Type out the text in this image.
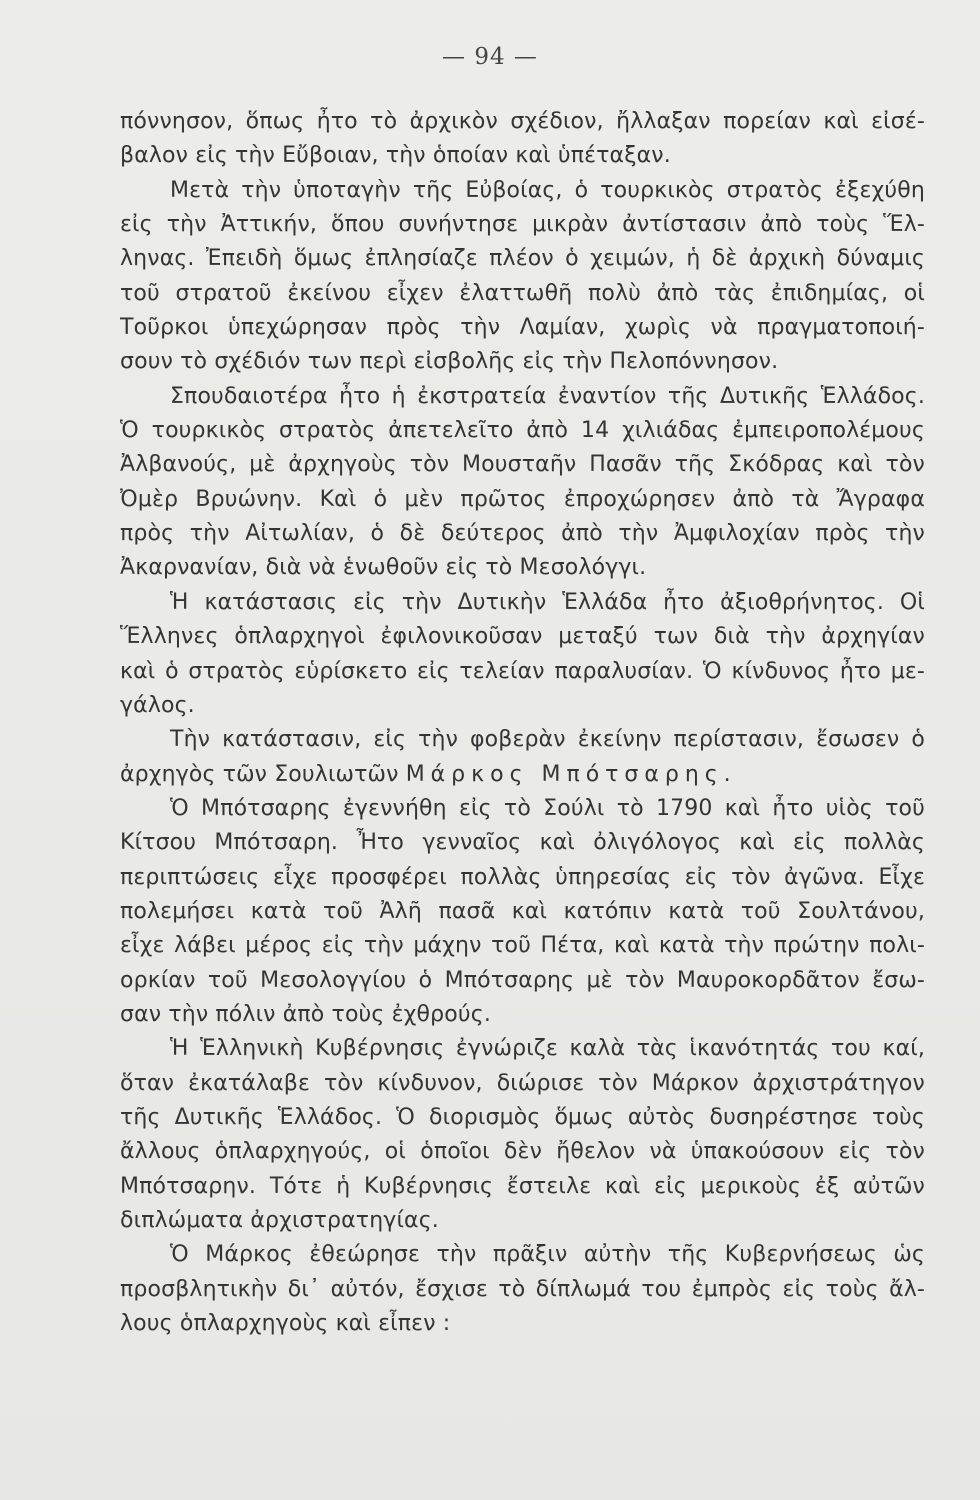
— 94 —
πόννησον, ὅπως ἦτο τὸ ἀρχικὸν σχέδιον, ἤλλαξαν πορείαν καὶ εἰσέ-
βαλον εἰς τὴν Εὔβοιαν, τὴν ὁποίαν καὶ ὑπέταξαν.
Μετὰ τὴν ὑποταγὴν τῆς Εὐβοίας, ὁ τουρκικὸς στρατὸς ἐξεχύθη
εἰς τὴν Ἀττικήν, ὅπου συνήντησε μικρὰν ἀντίστασιν ἀπὸ τοὺς Ἕλ-
ληνας. Ἐπειδὴ ὅμως ἐπλησίαζε πλέον ὁ χειμών, ἡ δὲ ἀρχικὴ δύναμις
τοῦ στρατοῦ ἐκείνου εἶχεν ἐλαττωθῆ πολὺ ἀπὸ τὰς ἐπιδημίας, οἱ
Τοῦρκοι ὑπεχώρησαν πρὸς τὴν Λαμίαν, χωρὶς νὰ πραγματοποιή-
σουν τὸ σχέδιόν των περὶ εἰσβολῆς εἰς τὴν Πελοπόννησον.
Σπουδαιοτέρα ἦτο ἡ ἐκστρατεία ἐναντίον τῆς Δυτικῆς Ἑλλάδος.
Ὁ τουρκικὸς στρατὸς ἀπετελεῖτο ἀπὸ 14 χιλιάδας ἐμπειροπολέμους
Ἀλβανούς, μὲ ἀρχηγοὺς τὸν Μουσταῆν Πασᾶν τῆς Σκόδρας καὶ τὸν
Ὀμὲρ Βρυώνην. Καὶ ὁ μὲν πρῶτος ἐπροχώρησεν ἀπὸ τὰ Ἄγραφα
πρὸς τὴν Αἰτωλίαν, ὁ δὲ δεύτερος ἀπὸ τὴν Ἀμφιλοχίαν πρὸς τὴν
Ἀκαρνανίαν, διὰ νὰ ἑνωθοῦν εἰς τὸ Μεσολόγγι.
Ἡ κατάστασις εἰς τὴν Δυτικὴν Ἑλλάδα ἦτο ἀξιοθρήνητος. Οἱ
Ἕλληνες ὁπλαρχηγοὶ ἐφιλονικοῦσαν μεταξύ των διὰ τὴν ἀρχηγίαν
καὶ ὁ στρατὸς εὑρίσκετο εἰς τελείαν παραλυσίαν. Ὁ κίνδυνος ἦτο με-
γάλος.
Τὴν κατάστασιν, εἰς τὴν φοβερὰν ἐκείνην περίστασιν, ἔσωσεν ὁ
ἀρχηγὸς τῶν Σουλιωτῶν Μάρκος Μπότσαρης.
Ὁ Μπότσαρης ἐγεννήθη εἰς τὸ Σούλι τὸ 1790 καὶ ἦτο υἱὸς τοῦ
Κίτσου Μπότσαρη. Ἦτο γενναῖος καὶ ὀλιγόλογος καὶ εἰς πολλὰς
περιπτώσεις εἶχε προσφέρει πολλὰς ὑπηρεσίας εἰς τὸν ἀγῶνα. Εἶχε
πολεμήσει κατὰ τοῦ Ἀλῆ πασᾶ καὶ κατόπιν κατὰ τοῦ Σουλτάνου,
εἶχε λάβει μέρος εἰς τὴν μάχην τοῦ Πέτα, καὶ κατὰ τὴν πρώτην πολι-
ορκίαν τοῦ Μεσολογγίου ὁ Μπότσαρης μὲ τὸν Μαυροκορδᾶτον ἔσω-
σαν τὴν πόλιν ἀπὸ τοὺς ἐχθρούς.
Ἡ Ἑλληνικὴ Κυβέρνησις ἐγνώριζε καλὰ τὰς ἱκανότητάς του καί,
ὅταν ἐκατάλαβε τὸν κίνδυνον, διώρισε τὸν Μάρκον ἀρχιστράτηγον
τῆς Δυτικῆς Ἑλλάδος. Ὁ διορισμὸς ὅμως αὐτὸς δυσηρέστησε τοὺς
ἄλλους ὁπλαρχηγούς, οἱ ὁποῖοι δὲν ἤθελον νὰ ὑπακούσουν εἰς τὸν
Μπότσαρην. Τότε ἡ Κυβέρνησις ἔστειλε καὶ εἰς μερικοὺς ἐξ αὐτῶν
διπλώματα ἀρχιστρατηγίας.
Ὁ Μάρκος ἐθεώρησε τὴν πρᾶξιν αὐτὴν τῆς Κυβερνήσεως ὡς
προσβλητικὴν δι᾽ αὐτόν, ἔσχισε τὸ δίπλωμά του ἐμπρὸς εἰς τοὺς ἄλ-
λους ὁπλαρχηγοὺς καὶ εἶπεν :
